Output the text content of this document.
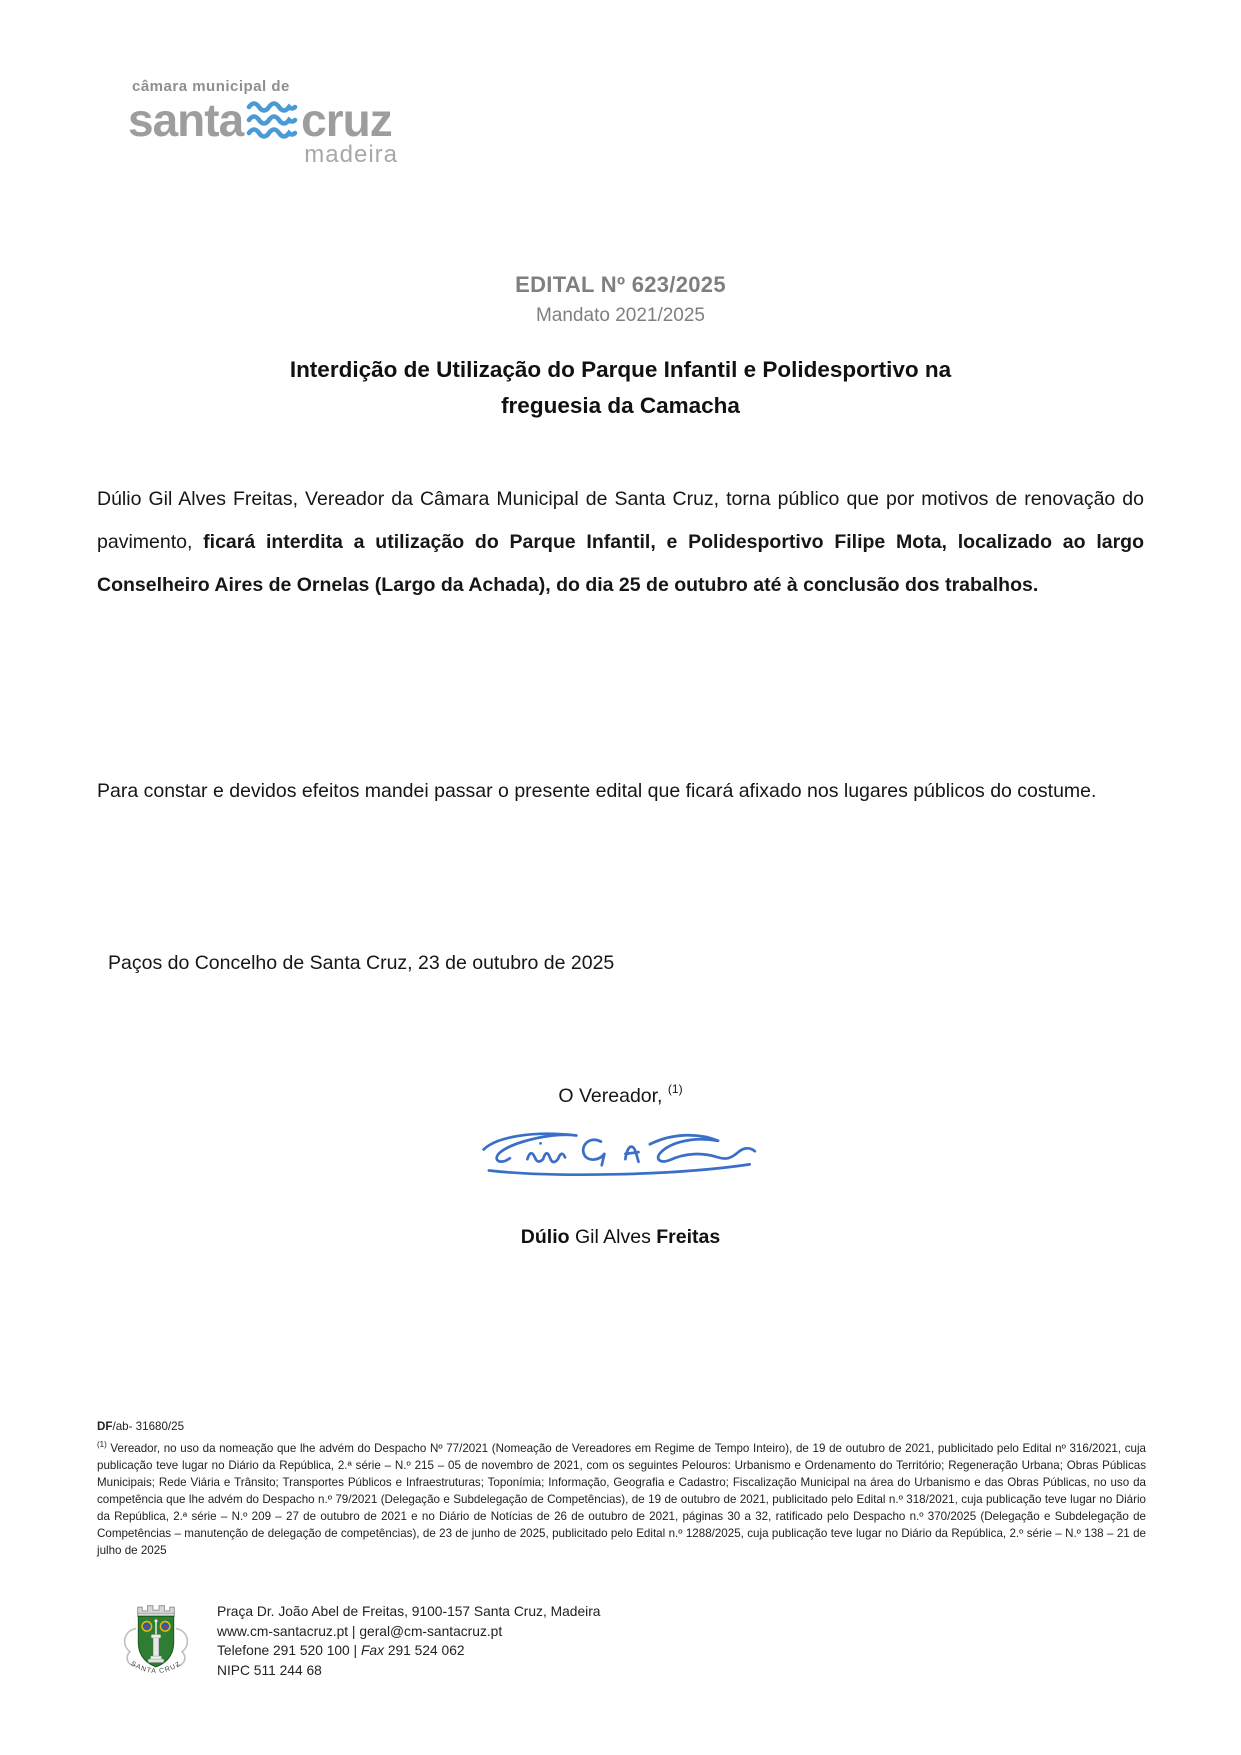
câmara municipal de
santa cruz
madeira
EDITAL Nº 623/2025
Mandato 2021/2025
Interdição de Utilização do Parque Infantil e Polidesportivo na
freguesia da Camacha
Dúlio Gil Alves Freitas, Vereador da Câmara Municipal de Santa Cruz, torna público que por motivos de renovação do pavimento, ficará interdita a utilização do Parque Infantil, e Polidesportivo Filipe Mota, localizado ao largo Conselheiro Aires de Ornelas (Largo da Achada), do dia 25 de outubro até à conclusão dos trabalhos.
Para constar e devidos efeitos mandei passar o presente edital que ficará afixado nos lugares públicos do costume.
Paços do Concelho de Santa Cruz, 23 de outubro de 2025
O Vereador, $^{(1)}$
Dúlio Gil Alves Freitas
DF/ab- 31680/25
$^{(1)}$ Vereador, no uso da nomeação que lhe advém do Despacho Nº 77/2021 (Nomeação de Vereadores em Regime de Tempo Inteiro), de 19 de outubro de 2021, publicitado pelo Edital nº 316/2021, cuja publicação teve lugar no Diário da República, 2.ª série – N.º 215 – 05 de novembro de 2021, com os seguintes Pelouros: Urbanismo e Ordenamento do Território; Regeneração Urbana; Obras Públicas Municipais; Rede Viária e Trânsito; Transportes Públicos e Infraestruturas; Toponímia; Informação, Geografia e Cadastro; Fiscalização Municipal na área do Urbanismo e das Obras Públicas, no uso da competência que lhe advém do Despacho n.º 79/2021 (Delegação e Subdelegação de Competências), de 19 de outubro de 2021, publicitado pelo Edital n.º 318/2021, cuja publicação teve lugar no Diário da República, 2.ª série – N.º 209 – 27 de outubro de 2021 e no Diário de Notícias de 26 de outubro de 2021, páginas 30 a 32, ratificado pelo Despacho n.º 370/2025 (Delegação e Subdelegação de Competências – manutenção de delegação de competências), de 23 de junho de 2025, publicitado pelo Edital n.º 1288/2025, cuja publicação teve lugar no Diário da República, 2.º série – N.º 138 – 21 de julho de 2025
SANTA CRUZ
Praça Dr. João Abel de Freitas, 9100-157 Santa Cruz, Madeira
www.cm-santacruz.pt | geral@cm-santacruz.pt
Telefone 291 520 100 | Fax 291 524 062
NIPC 511 244 68
